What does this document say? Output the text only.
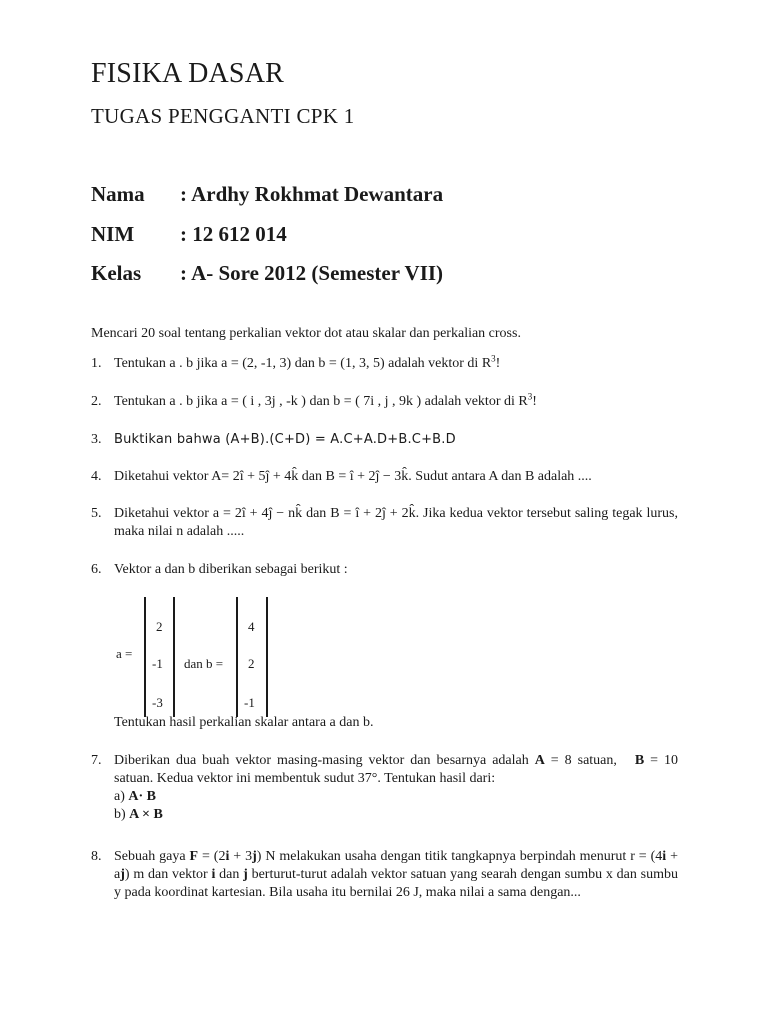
FISIKA DASAR
TUGAS PENGGANTI CPK 1
Nama : Ardhy Rokhmat Dewantara
NIM : 12 612 014
Kelas : A- Sore 2012 (Semester VII)
Mencari 20 soal tentang perkalian vektor dot atau skalar dan perkalian cross.
1. Tentukan a . b jika a = (2, -1, 3) dan b = (1, 3, 5) adalah vektor di $R^3$!
2. Tentukan a . b jika a = ( i , 3j , -k ) dan b = ( 7i , j , 9k ) adalah vektor di $R^3$!
3. Buktikan bahwa (A+B).(C+D) = A.C+A.D+B.C+B.D
4. Diketahui vektor A= 2î + 5ĵ + 4k̂ dan B = î + 2ĵ − 3k̂. Sudut antara A dan B adalah ....
5. Diketahui vektor a = 2î + 4ĵ − nk̂ dan B = î + 2ĵ + 2k̂. Jika kedua vektor tersebut saling tegak lurus, maka nilai n adalah .....
6. Vektor a dan b diberikan sebagai berikut :
a =
2
-1
-3
dan b =
4
2
-1
Tentukan hasil perkalian skalar antara a dan b.
7. Diberikan dua buah vektor masing-masing vektor dan besarnya adalah A = 8 satuan,   B = 10 satuan. Kedua vektor ini membentuk sudut 37°. Tentukan hasil dari:
a) A· B
b) A × B
8. Sebuah gaya F = (2i + 3j) N melakukan usaha dengan titik tangkapnya berpindah menurut r = (4i +  aj) m dan vektor i dan j berturut-turut adalah vektor satuan yang searah dengan sumbu x dan sumbu y pada koordinat kartesian. Bila usaha itu bernilai 26 J, maka nilai a sama dengan...
